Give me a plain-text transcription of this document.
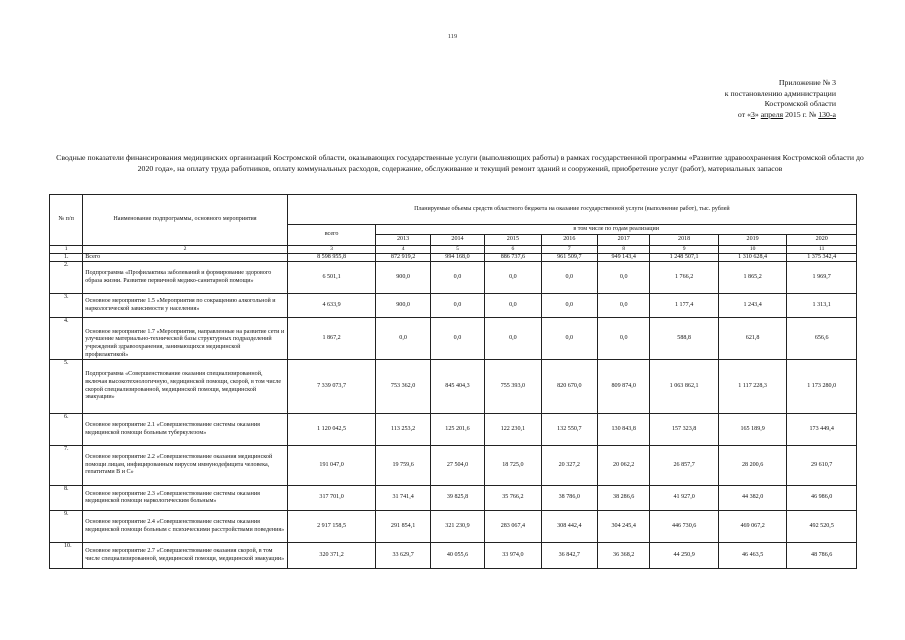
119
Приложение № 3
к постановлению администрации
Костромской области
от «3» апреля 2015 г. № 130-а
Сводные показатели финансирования медицинских организаций Костромской области, оказывающих государственные услуги (выполняющих работы) в рамках государственной программы «Развитие здравоохранения Костромской области до 2020 года», на оплату труда работников, оплату коммунальных расходов, содержание, обслуживание и текущий ремонт зданий и сооружений, приобретение услуг (работ), материальных запасов
№ п/п	Наименование подпрограммы, основного мероприятия	Планируемые объемы средств областного бюджета на оказание государственной услуги (выполнение работ), тыс. рублей								
		всего	в том числе по годам реализации							
			2013	2014	2015	2016	2017	2018	2019	2020
1	2	3	4	5	6	7	8	9	10	11
1.	Всего	8 598 955,8	872 919,2	994 168,0	886 737,6	961 509,7	949 143,4	1 248 507,1	1 310 628,4	1 375 342,4
2.	Подпрограмма «Профилактика заболеваний и формирование здорового образа жизни. Развитие первичной медико-санитарной помощи»	6 501,1	900,0	0,0	0,0	0,0	0,0	1 766,2	1 865,2	1 969,7
3.	Основное мероприятие 1.5 «Мероприятия по сокращению алкогольной и наркологической зависимости у населения»	4 633,9	900,0	0,0	0,0	0,0	0,0	1 177,4	1 243,4	1 313,1
4.	Основное мероприятие 1.7 «Мероприятия, направленные на развитие сети и улучшение материально-технической базы структурных подразделений учреждений здравоохранения, занимающихся медицинской профилактикой»	1 867,2	0,0	0,0	0,0	0,0	0,0	588,8	621,8	656,6
5.	Подпрограмма «Совершенствование оказания специализированной, включая высокотехнологичную, медицинской помощи, скорой, в том числе скорой специализированной, медицинской помощи, медицинской эвакуации»	7 339 073,7	753 362,0	845 404,3	755 393,0	820 670,0	809 874,0	1 063 862,1	1 117 228,3	1 173 280,0
6.	Основное мероприятие 2.1 «Совершенствование системы оказания медицинской помощи больным туберкулезом»	1 120 042,5	113 253,2	125 201,6	122 230,1	132 550,7	130 843,8	157 323,8	165 189,9	173 449,4
7.	Основное мероприятие 2.2 «Совершенствование оказания медицинской помощи лицам, инфицированным вирусом иммунодефицита человека, гепатитами В и С»	191 047,0	19 759,6	27 504,0	18 725,0	20 327,2	20 062,2	26 857,7	28 200,6	29 610,7
8.	Основное мероприятие 2.3 «Совершенствование системы оказания медицинской помощи наркологическим больным»	317 701,0	31 741,4	39 825,8	35 766,2	38 786,0	38 286,6	41 927,0	44 382,0	46 986,0
9.	Основное мероприятие 2.4 «Совершенствование системы оказания медицинской помощи больным с психическими расстройствами поведения»	2 917 158,5	291 854,1	321 230,9	283 067,4	308 442,4	304 245,4	446 730,6	469 067,2	492 520,5
10.	Основное мероприятие 2.7 «Совершенствование оказания скорой, в том числе специализированной, медицинской помощи, медицинской эвакуации»	320 371,2	33 629,7	40 055,6	33 974,0	36 842,7	36 368,2	44 250,9	46 463,5	48 786,6
